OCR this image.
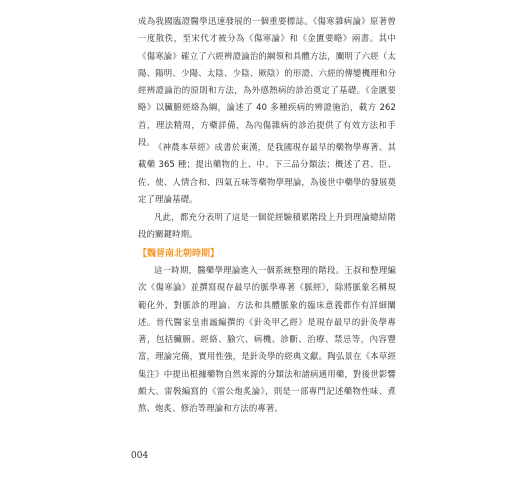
成為我國臨證醫學迅速發展的一個重要標誌。《傷寒雜病論》原著曾一度散佚，至宋代才被分為《傷寒論》和《金匱要略》兩書。其中《傷寒論》確立了六經辨證論治的綱領和具體方法，闡明了六經（太陽、陽明、少陽、太陰、少陰、厥陰）的形證、六經的傳變機理和分經辨證論治的原則和方法，為外感熱病的診治奠定了基礎。《金匱要略》以臟腑經絡為綱，論述了 40 多種疾病的辨證施治，載方 262 首，理法精周，方藥詳備，為內傷雜病的診治提供了有效方法和手段。

《神農本草經》成書於東漢，是我國現存最早的藥物學專著。其載藥 365 種；提出藥物的上、中、下三品分類法；概述了君、臣、佐、使、人情合和、四氣五味等藥物學理論，為後世中藥學的發展奠定了理論基礎。

凡此，都充分表明了這是一個從經驗積累階段上升到理論總結階段的關鍵時期。

【魏晉南北朝時期】

這一時期，醫藥學理論進入一個系統整理的階段。王叔和整理編次《傷寒論》並撰寫現存最早的脈學專著《脈經》，除將脈象名稱規範化外，對脈診的理論、方法和具體脈象的臨床意義都作有詳細闡述。晉代醫家皇甫謐編撰的《針灸甲乙經》是現存最早的針灸學專著，包括臟腑、經絡、腧穴、病機、診斷、治療、禁忌等，內容豐富，理論完備，實用性強，是針灸學的經典文獻。陶弘景在《本草經集注》中提出根據藥物自然來源的分類法和諸病通用藥，對後世影響頗大。雷斅編寫的《雷公炮炙論》，則是一部專門記述藥物性味、煮熬、炮炙、修治等理論和方法的專著。

004
